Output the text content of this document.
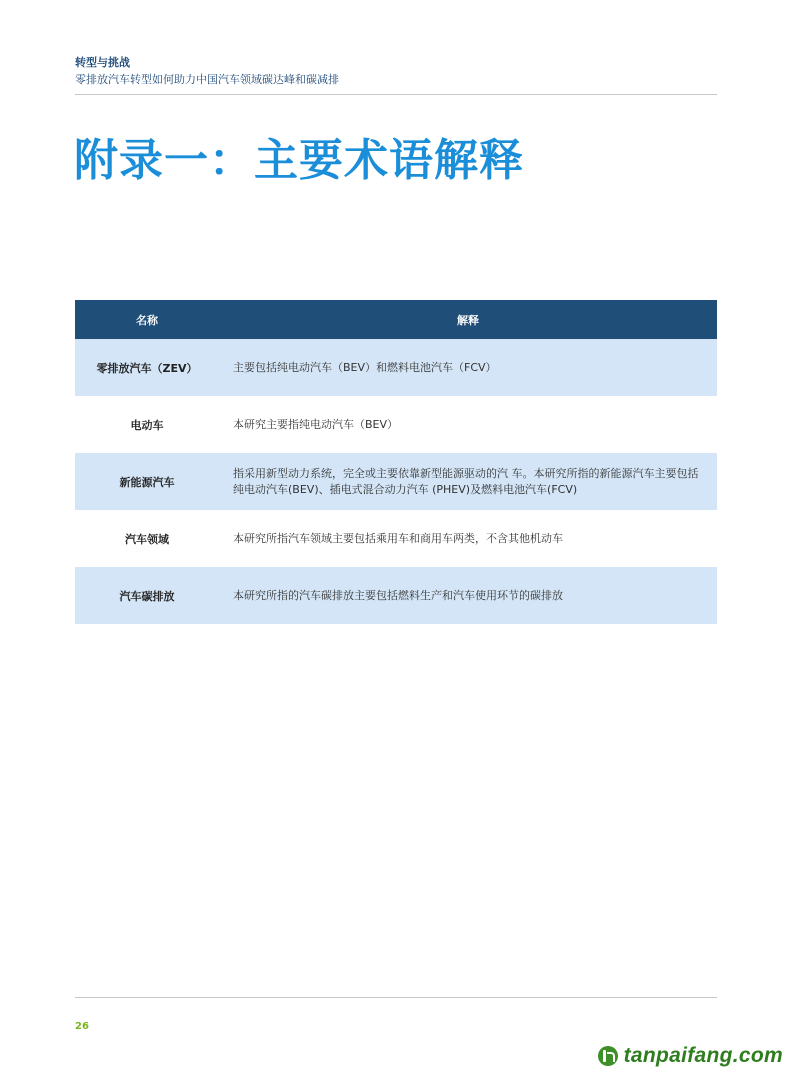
转型与挑战
零排放汽车转型如何助力中国汽车领域碳达峰和碳减排
附录一：主要术语解释
名称	解释
零排放汽车（ZEV）	主要包括纯电动汽车（BEV）和燃料电池汽车（FCV）
电动车	本研究主要指纯电动汽车（BEV）
新能源汽车	指采用新型动力系统，完全或主要依靠新型能源驱动的汽 车。本研究所指的新能源汽车主要包括纯电动汽车(BEV)、插电式混合动力汽车 (PHEV)及燃料电池汽车(FCV)
汽车领域	本研究所指汽车领域主要包括乘用车和商用车两类，不含其他机动车
汽车碳排放	本研究所指的汽车碳排放主要包括燃料生产和汽车使用环节的碳排放
26
tanpaifang.com
